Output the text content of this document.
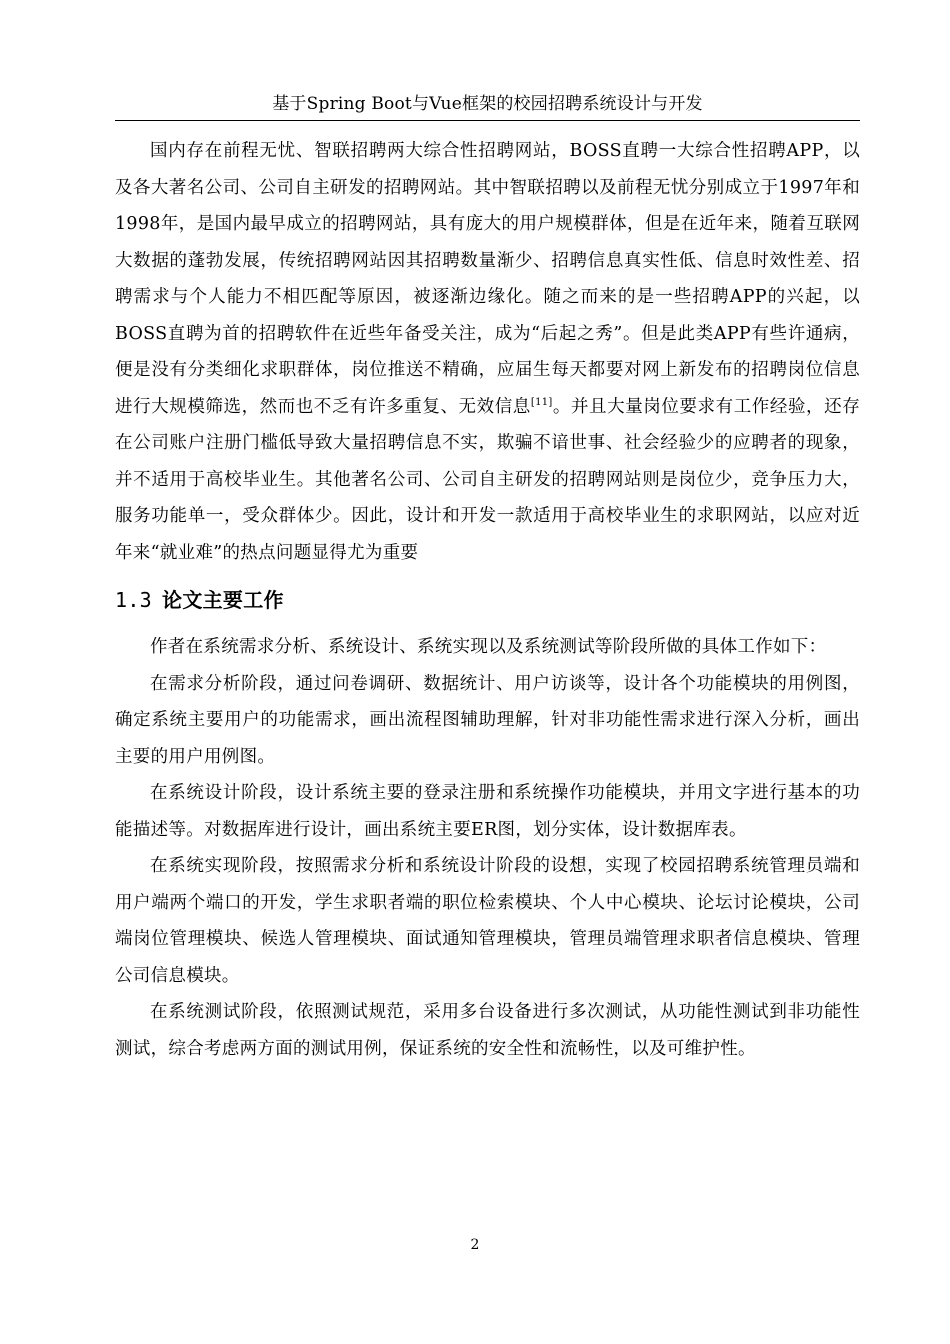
基于Spring Boot与Vue框架的校园招聘系统设计与开发

国内存在前程无忧、智联招聘两大综合性招聘网站，BOSS直聘一大综合性招聘APP，以及各大著名公司、公司自主研发的招聘网站。其中智联招聘以及前程无忧分别成立于1997年和1998年，是国内最早成立的招聘网站，具有庞大的用户规模群体，但是在近年来，随着互联网大数据的蓬勃发展，传统招聘网站因其招聘数量渐少、招聘信息真实性低、信息时效性差、招聘需求与个人能力不相匹配等原因，被逐渐边缘化。随之而来的是一些招聘APP的兴起，以BOSS直聘为首的招聘软件在近些年备受关注，成为“后起之秀”。但是此类APP有些许通病，便是没有分类细化求职群体，岗位推送不精确，应届生每天都要对网上新发布的招聘岗位信息进行大规模筛选，然而也不乏有许多重复、无效信息[11]。并且大量岗位要求有工作经验，还存在公司账户注册门槛低导致大量招聘信息不实，欺骗不谙世事、社会经验少的应聘者的现象，并不适用于高校毕业生。其他著名公司、公司自主研发的招聘网站则是岗位少，竞争压力大，服务功能单一，受众群体少。因此，设计和开发一款适用于高校毕业生的求职网站，以应对近年来“就业难”的热点问题显得尤为重要

1.3 论文主要工作

作者在系统需求分析、系统设计、系统实现以及系统测试等阶段所做的具体工作如下：

在需求分析阶段，通过问卷调研、数据统计、用户访谈等，设计各个功能模块的用例图，确定系统主要用户的功能需求，画出流程图辅助理解，针对非功能性需求进行深入分析，画出主要的用户用例图。

在系统设计阶段，设计系统主要的登录注册和系统操作功能模块，并用文字进行基本的功能描述等。对数据库进行设计，画出系统主要ER图，划分实体，设计数据库表。

在系统实现阶段，按照需求分析和系统设计阶段的设想，实现了校园招聘系统管理员端和用户端两个端口的开发，学生求职者端的职位检索模块、个人中心模块、论坛讨论模块，公司端岗位管理模块、候选人管理模块、面试通知管理模块，管理员端管理求职者信息模块、管理公司信息模块。

在系统测试阶段，依照测试规范，采用多台设备进行多次测试，从功能性测试到非功能性测试，综合考虑两方面的测试用例，保证系统的安全性和流畅性，以及可维护性。

2
